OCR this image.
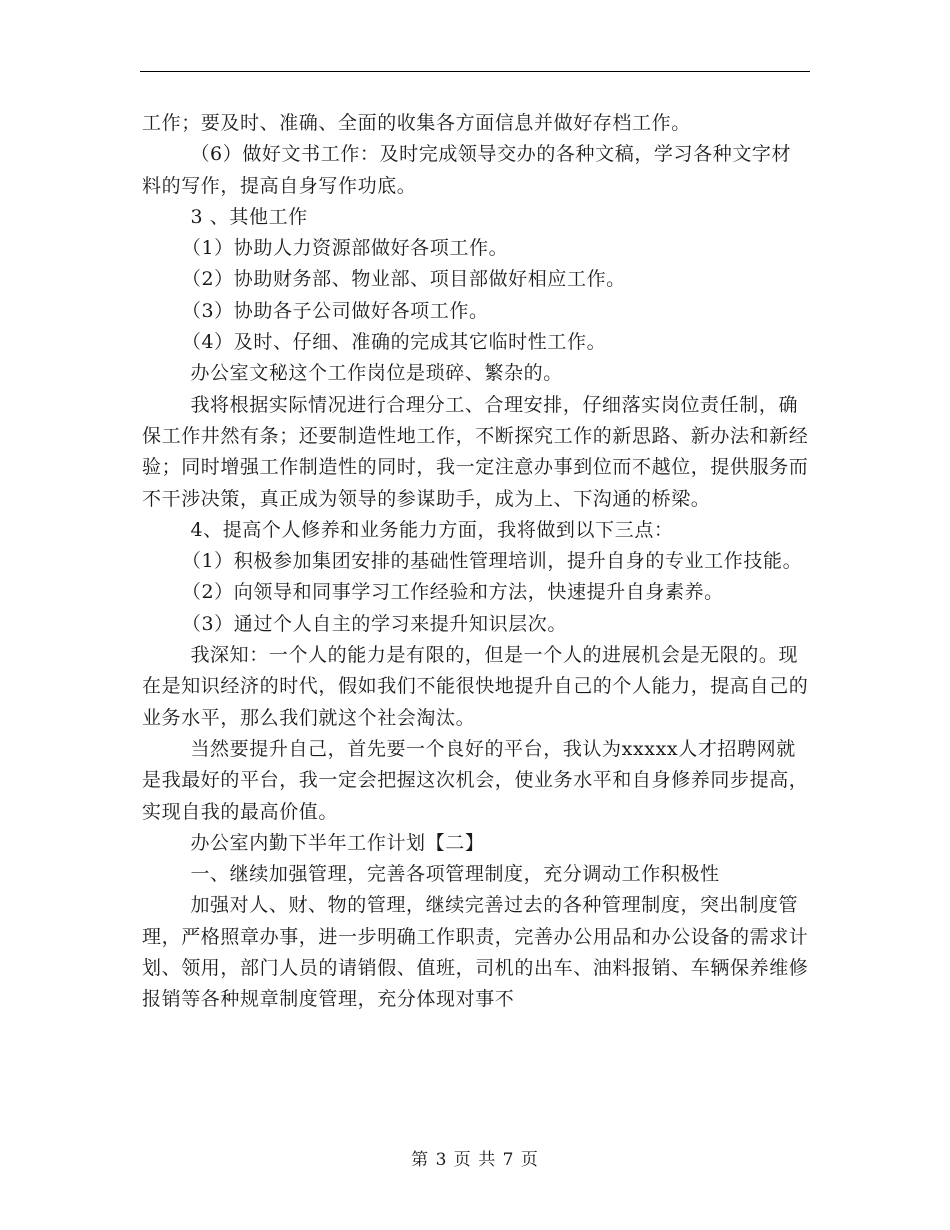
工作；要及时、准确、全面的收集各方面信息并做好存档工作。

（6）做好文书工作：及时完成领导交办的各种文稿，学习各种文字材料的写作，提高自身写作功底。

3 、其他工作

（1）协助人力资源部做好各项工作。

（2）协助财务部、物业部、项目部做好相应工作。

（3）协助各子公司做好各项工作。

（4）及时、仔细、准确的完成其它临时性工作。

办公室文秘这个工作岗位是琐碎、繁杂的。

我将根据实际情况进行合理分工、合理安排，仔细落实岗位责任制，确保工作井然有条；还要制造性地工作，不断探究工作的新思路、新办法和新经验；同时增强工作制造性的同时，我一定注意办事到位而不越位，提供服务而不干涉决策，真正成为领导的参谋助手，成为上、下沟通的桥梁。

4、提高个人修养和业务能力方面，我将做到以下三点：

（1）积极参加集团安排的基础性管理培训，提升自身的专业工作技能。

（2）向领导和同事学习工作经验和方法，快速提升自身素养。

（3）通过个人自主的学习来提升知识层次。

我深知：一个人的能力是有限的，但是一个人的进展机会是无限的。现在是知识经济的时代，假如我们不能很快地提升自己的个人能力，提高自己的业务水平，那么我们就这个社会淘汰。

当然要提升自己，首先要一个良好的平台，我认为xxxxx人才招聘网就是我最好的平台，我一定会把握这次机会，使业务水平和自身修养同步提高，实现自我的最高价值。

办公室内勤下半年工作计划【二】

一、继续加强管理，完善各项管理制度，充分调动工作积极性

加强对人、财、物的管理，继续完善过去的各种管理制度，突出制度管理，严格照章办事，进一步明确工作职责，完善办公用品和办公设备的需求计划、领用，部门人员的请销假、值班，司机的出车、油料报销、车辆保养维修报销等各种规章制度管理，充分体现对事不

第 3 页 共 7 页
